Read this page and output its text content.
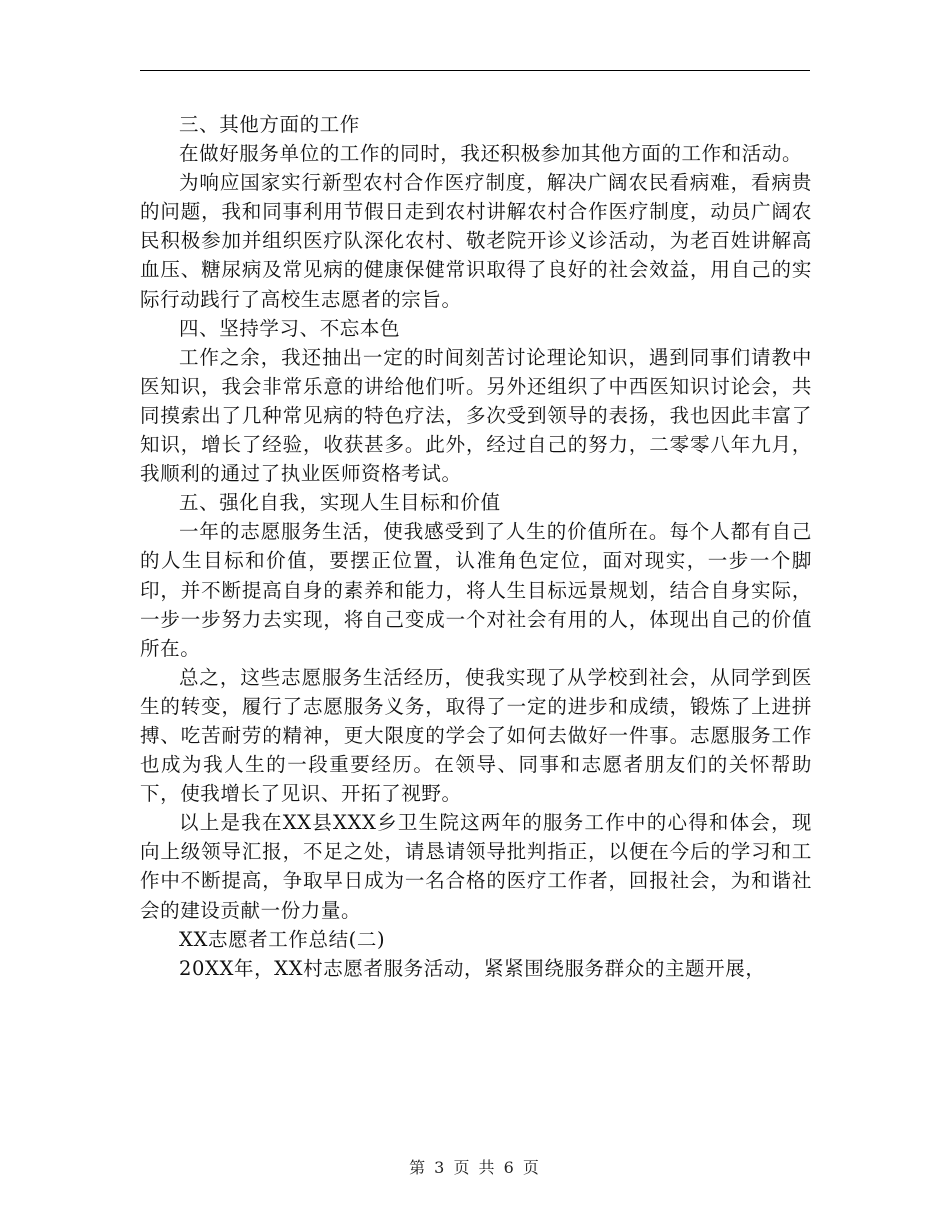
三、其他方面的工作

在做好服务单位的工作的同时，我还积极参加其他方面的工作和活动。

为响应国家实行新型农村合作医疗制度，解决广阔农民看病难，看病贵的问题，我和同事利用节假日走到农村讲解农村合作医疗制度，动员广阔农民积极参加并组织医疗队深化农村、敬老院开诊义诊活动，为老百姓讲解高血压、糖尿病及常见病的健康保健常识取得了良好的社会效益，用自己的实际行动践行了高校生志愿者的宗旨。

四、坚持学习、不忘本色

工作之余，我还抽出一定的时间刻苦讨论理论知识，遇到同事们请教中医知识，我会非常乐意的讲给他们听。另外还组织了中西医知识讨论会，共同摸索出了几种常见病的特色疗法，多次受到领导的表扬，我也因此丰富了知识，增长了经验，收获甚多。此外，经过自己的努力，二零零八年九月，我顺利的通过了执业医师资格考试。

五、强化自我，实现人生目标和价值

一年的志愿服务生活，使我感受到了人生的价值所在。每个人都有自己的人生目标和价值，要摆正位置，认准角色定位，面对现实，一步一个脚印，并不断提高自身的素养和能力，将人生目标远景规划，结合自身实际，一步一步努力去实现，将自己变成一个对社会有用的人，体现出自己的价值所在。

总之，这些志愿服务生活经历，使我实现了从学校到社会，从同学到医生的转变，履行了志愿服务义务，取得了一定的进步和成绩，锻炼了上进拼搏、吃苦耐劳的精神，更大限度的学会了如何去做好一件事。志愿服务工作也成为我人生的一段重要经历。在领导、同事和志愿者朋友们的关怀帮助下，使我增长了见识、开拓了视野。

以上是我在XX县XXX乡卫生院这两年的服务工作中的心得和体会，现向上级领导汇报，不足之处，请恳请领导批判指正，以便在今后的学习和工作中不断提高，争取早日成为一名合格的医疗工作者，回报社会，为和谐社会的建设贡献一份力量。

XX志愿者工作总结(二)

20XX年，XX村志愿者服务活动，紧紧围绕服务群众的主题开展，

第 3 页 共 6 页
